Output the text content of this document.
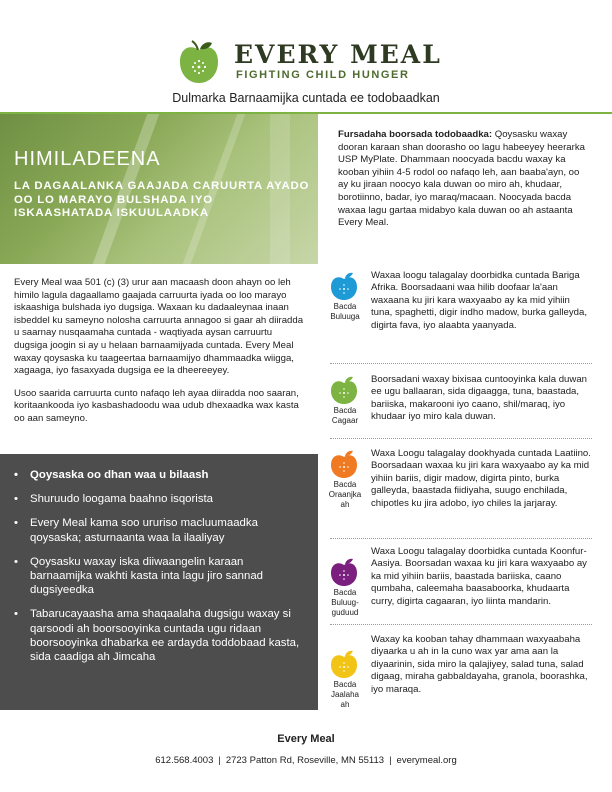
EVERY MEAL
FIGHTING CHILD HUNGER
Dulmarka Barnaamijka cuntada ee todobaadkan
HIMILADEENA
LA DAGAALANKA GAAJADA CARUURTA AYADO OO LO MARAYO BULSHADA IYO ISKAASHATADA ISKUULAADKA

Every Meal waa 501 (c) (3) urur aan macaash doon ahayn oo leh himilo lagula dagaallamo gaajada carruurta iyada oo loo marayo iskaashiga bulshada iyo dugsiga. Waxaan ku dadaaleynaa inaan isbeddel ku sameyno nolosha carruurta annagoo si gaar ah diiradda u saarnay nusqaamaha cuntada - waqtiyada aysan carruurtu dugsiga joogin si ay u helaan barnaamijyada cuntada. Every Meal waxay qoysaska ku taageertaa barnaamijyo dhammaadka wiigga, xagaaga, iyo fasaxyada dugsiga ee la dheereeyey.

Usoo saarida carruurta cunto nafaqo leh ayaa diiradda noo saaran, koritaankooda iyo kasbashadoodu waa udub dhexaadka wax kasta oo aan sameyno.

• Qoysaska oo dhan waa u bilaash
• Shuruudo loogama baahno isqorista
• Every Meal kama soo ururiso macluumaadka qoysaska; asturnaanta waa la ilaaliyay
• Qoysasku waxay iska diiwaangelin karaan barnaamijka wakhti kasta inta lagu jiro sannad dugsiyeedka
• Tabarucayaasha ama shaqaalaha dugsigu waxay si qarsoodi ah boorsooyinka cuntada ugu ridaan boorsooyinka dhabarka ee ardayda toddobaad kasta, sida caadiga ah Jimcaha
Fursadaha boorsada todobaadka: Qoysasku waxay dooran karaan shan doorasho oo lagu habeeyey heerarka USP MyPlate. Dhammaan noocyada bacdu waxay ka kooban yihiin 4-5 rodol oo nafaqo leh, aan baaba'ayn, oo ay ku jiraan noocyo kala duwan oo miro ah, khudaar, borotiinno, badar, iyo maraq/macaan. Noocyada bacda waxaa lagu gartaa midabyo kala duwan oo ah astaanta Every Meal.
Bacda Buluuga
Waxaa loogu talagalay doorbidka cuntada Bariga Afrika. Boorsadaani waa hilib doofaar la'aan waxaana ku jiri kara waxyaabo ay ka mid yihiin tuna, spaghetti, digir indho madow, burka galleyda, digirta fava, iyo alaabta yaanyada.
Bacda Cagaar
Boorsadani waxay bixisaa cuntooyinka kala duwan ee ugu ballaaran, sida digaagga, tuna, baastada, bariiska, makarooni iyo caano, shil/maraq, iyo khudaar iyo miro kala duwan.
Bacda Oraanjka ah
Waxa Loogu talagalay dookhyada cuntada Laatiino. Boorsadaan waxaa ku jiri kara waxyaabo ay ka mid yihiin bariis, digir madow, digirta pinto, burka galleyda, baastada fiidiyaha, suugo enchilada, chipotles ku jira adobo, iyo chiles la jarjaray.
Bacda Buluug-guduud
Waxa Loogu talagalay doorbidka cuntada Koonfur-Aasiya. Boorsadan waxaa ku jiri kara waxyaabo ay ka mid yihiin bariis, baastada bariiska, caano qumbaha, caleemaha baasaboorka, khudaarta curry, digirta cagaaran, iyo liinta mandarin.
Bacda Jaalaha ah
Waxay ka kooban tahay dhammaan waxyaabaha diyaarka u ah in la cuno wax yar ama aan la diyaarinin, sida miro la qalajiyey, salad tuna, salad digaag, miraha gabbaldayaha, granola, boorashka, iyo maraqa.
Every Meal
612.568.4003 | 2723 Patton Rd, Roseville, MN 55113 | everymeal.org
